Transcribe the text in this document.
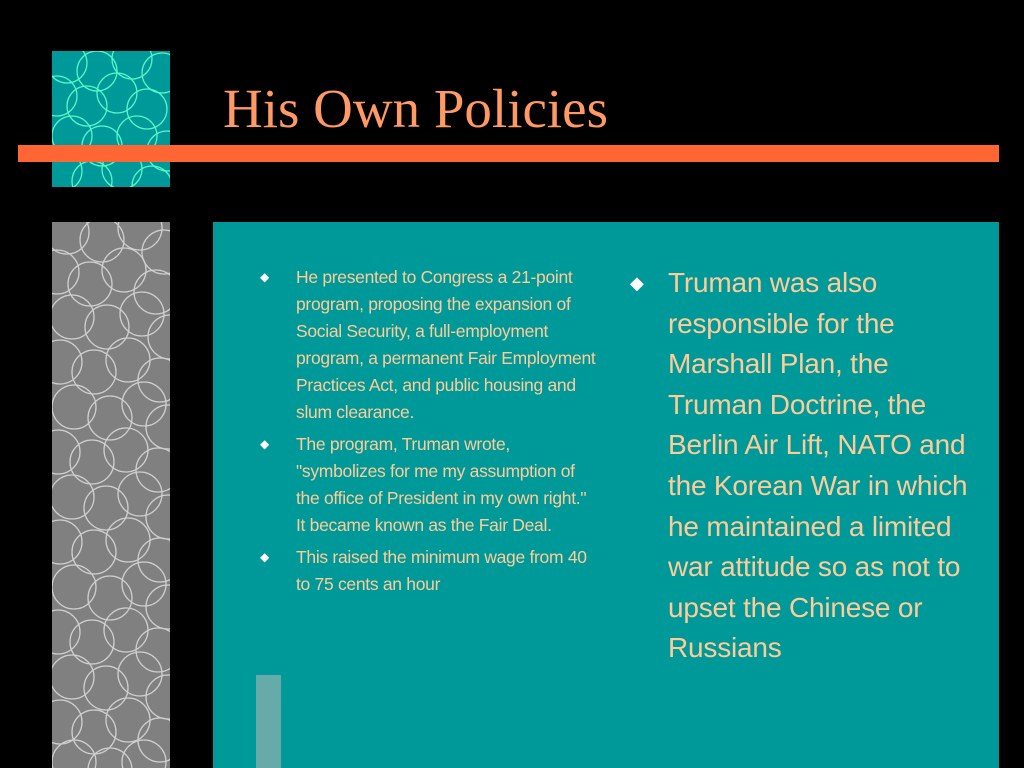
His Own Policies
◆ He presented to Congress a 21-point program, proposing the expansion of Social Security, a full-employment program, a permanent Fair Employment Practices Act, and public housing and slum clearance.
◆ The program, Truman wrote, "symbolizes for me my assumption of the office of President in my own right." It became known as the Fair Deal.
◆ This raised the minimum wage from 40 to 75 cents an hour
◆ Truman was also responsible for the Marshall Plan, the Truman Doctrine, the Berlin Air Lift, NATO and the Korean War in which he maintained a limited war attitude so as not to upset the Chinese or Russians
